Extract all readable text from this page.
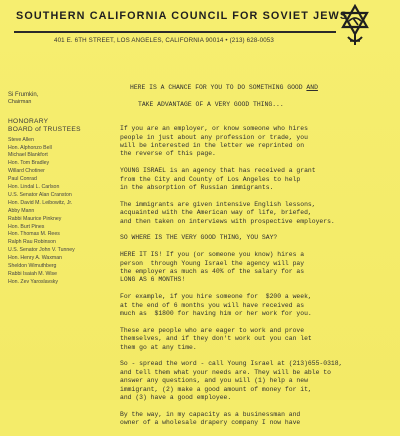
SOUTHERN CALIFORNIA COUNCIL FOR SOVIET JEWS
401 E. 6TH STREET, LOS ANGELES, CALIFORNIA 90014 • (213) 628-0053
Si Frumkin,
Chairman
HONORARY
BOARD of TRUSTEES
Steve Allen
Hon. Alphonzo Bell
Michael Blankfort
Hon. Tom Bradley
Willard Chotiner
Paul Conrad
Hon. Lindal L. Carlson
U.S. Senator Alan Cranston
Hon. David M. Leibowitz, Jr.
Abby Mann
Rabbi Maurice Pinkney
Hon. Burt Pines
Hon. Thomas M. Rees
Ralph Rau Robinson
U.S. Senator John V. Tunney
Hon. Henry A. Waxman
Sheldon Wimuthberg
Rabbi Isaiah M. Wise
Hon. Zev Yaroslavsky
HERE IS A CHANCE FOR YOU TO DO SOMETHING GOOD AND
TAKE ADVANTAGE OF A VERY GOOD THING...
If you are an employer, or know someone who hires
people in just about any profession or trade, you
will be interested in the letter we reprinted on
the reverse of this page.
YOUNG ISRAEL is an agency that has received a grant
from the City and County of Los Angeles to help
in the absorption of Russian immigrants.
The immigrants are given intensive English lessons,
acquainted with the American way of life, briefed,
and then taken on interviews with prospective employers.
SO WHERE IS THE VERY GOOD THING, YOU SAY?
HERE IT IS! If you (or someone you know) hires a
person  through Young Israel the agency will pay
the employer as much as 40% of the salary for as
LONG AS 6 MONTHS!
For example, if you hire someone for  $200 a week,
at the end of 6 months you will have received as
much as  $1800 for having him or her work for you.
These are people who are eager to work and prove
themselves, and if they don't work out you can let
them go at any time.
So - spread the word - call Young Israel at (213)655-0318,
and tell them what your needs are. They will be able to
answer any questions, and you will (1) help a new
immigrant, (2) make a good amount of money for it,
and (3) have a good employee.
By the way, in my capacity as a businessman and
owner of a wholesale drapery company I now have
